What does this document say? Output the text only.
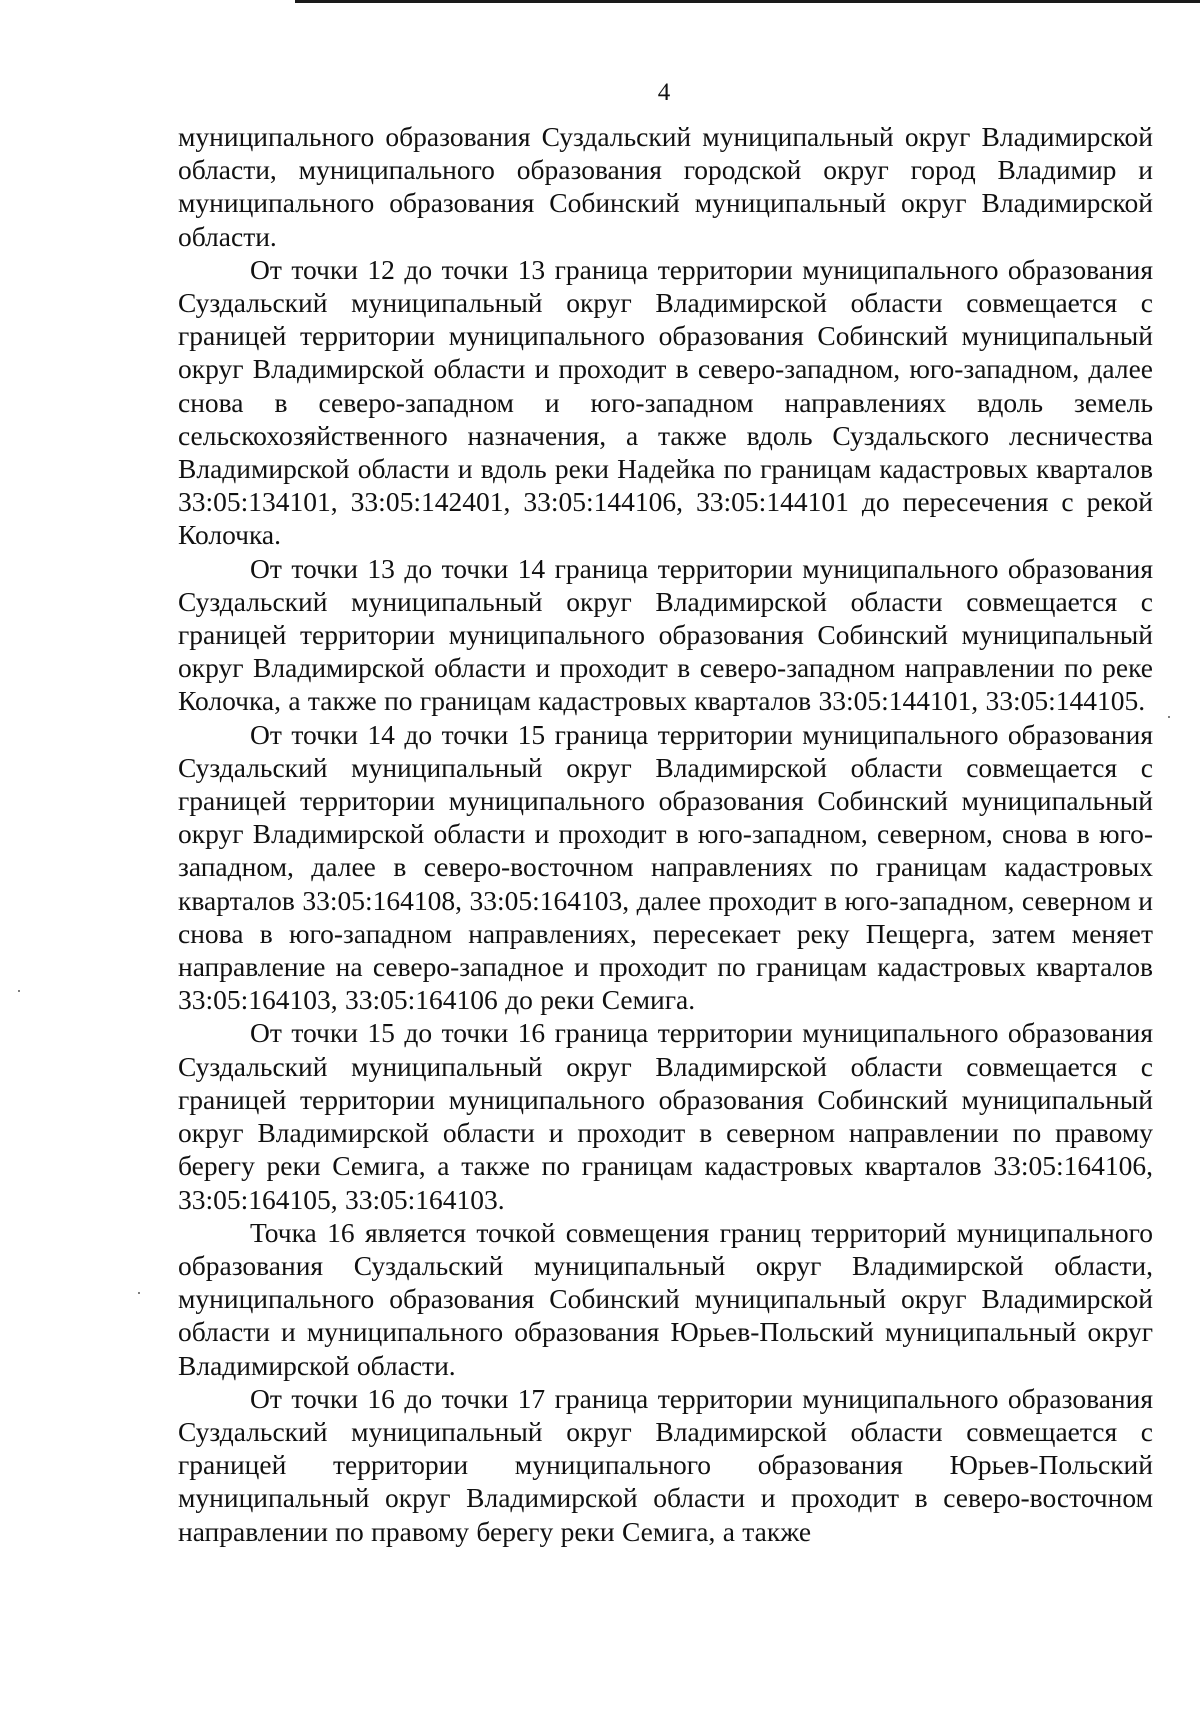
4

муниципального образования Суздальский муниципальный округ Владимирской области, муниципального образования городской округ город Владимир и муниципального образования Собинский муниципальный округ Владимирской области.

От точки 12 до точки 13 граница территории муниципального образования Суздальский муниципальный округ Владимирской области совмещается с границей территории муниципального образования Собинский муниципальный округ Владимирской области и проходит в северо-западном, юго-западном, далее снова в северо-западном и юго-западном направлениях вдоль земель сельскохозяйственного назначения, а также вдоль Суздальского лесничества Владимирской области и вдоль реки Надейка по границам кадастровых кварталов 33:05:134101, 33:05:142401, 33:05:144106, 33:05:144101 до пересечения с рекой Колочка.

От точки 13 до точки 14 граница территории муниципального образования Суздальский муниципальный округ Владимирской области совмещается с границей территории муниципального образования Собинский муниципальный округ Владимирской области и проходит в северо-западном направлении по реке Колочка, а также по границам кадастровых кварталов 33:05:144101, 33:05:144105.

От точки 14 до точки 15 граница территории муниципального образования Суздальский муниципальный округ Владимирской области совмещается с границей территории муниципального образования Собинский муниципальный округ Владимирской области и проходит в юго-западном, северном, снова в юго-западном, далее в северо-восточном направлениях по границам кадастровых кварталов 33:05:164108, 33:05:164103, далее проходит в юго-западном, северном и снова в юго-западном направлениях, пересекает реку Пещерга, затем меняет направление на северо-западное и проходит по границам кадастровых кварталов 33:05:164103, 33:05:164106 до реки Семига.

От точки 15 до точки 16 граница территории муниципального образования Суздальский муниципальный округ Владимирской области совмещается с границей территории муниципального образования Собинский муниципальный округ Владимирской области и проходит в северном направлении по правому берегу реки Семига, а также по границам кадастровых кварталов 33:05:164106, 33:05:164105, 33:05:164103.

Точка 16 является точкой совмещения границ территорий муниципального образования Суздальский муниципальный округ Владимирской области, муниципального образования Собинский муниципальный округ Владимирской области и муниципального образования Юрьев-Польский муниципальный округ Владимирской области.

От точки 16 до точки 17 граница территории муниципального образования Суздальский муниципальный округ Владимирской области совмещается с границей территории муниципального образования Юрьев-Польский муниципальный округ Владимирской области и проходит в северо-восточном направлении по правому берегу реки Семига, а также
